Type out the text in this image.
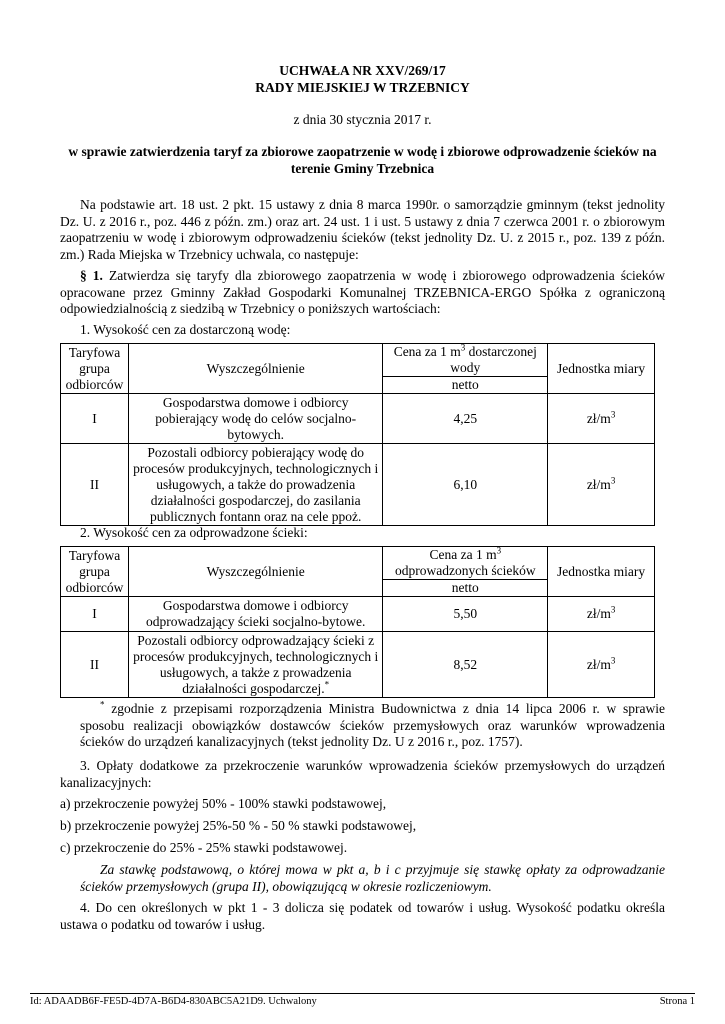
UCHWAŁA NR XXV/269/17
RADY MIEJSKIEJ W TRZEBNICY
z dnia 30 stycznia 2017 r.
w sprawie zatwierdzenia taryf za zbiorowe zaopatrzenie w wodę i zbiorowe odprowadzenie ścieków na
terenie Gminy Trzebnica
Na podstawie art. 18 ust. 2 pkt. 15 ustawy z dnia 8 marca 1990r. o samorządzie gminnym (tekst jednolity Dz. U. z 2016 r., poz. 446 z późn. zm.) oraz art. 24 ust. 1 i ust. 5 ustawy z dnia 7 czerwca 2001 r. o zbiorowym zaopatrzeniu w wodę i zbiorowym odprowadzeniu ścieków (tekst jednolity Dz. U. z 2015 r., poz. 139 z późn. zm.) Rada Miejska w Trzebnicy uchwala, co następuje:
§ 1. Zatwierdza się taryfy dla zbiorowego zaopatrzenia w wodę i zbiorowego odprowadzenia ścieków opracowane przez Gminny Zakład Gospodarki Komunalnej TRZEBNICA-ERGO Spółka z ograniczoną odpowiedzialnością z siedzibą w Trzebnicy o poniższych wartościach:
1. Wysokość cen za dostarczoną wodę:
Taryfowa grupa odbiorców	Wyszczególnienie	Cena za 1 $m^3$ dostarczonej wody	Jednostka miary
		netto	
I	Gospodarstwa domowe i odbiorcy pobierający wodę do celów socjalno-bytowych.	4,25	$zł/m^3$
II	Pozostali odbiorcy pobierający wodę do procesów produkcyjnych, technologicznych i usługowych, a także do prowadzenia działalności gospodarczej, do zasilania publicznych fontann oraz na cele ppoż.	6,10	$zł/m^3$
2. Wysokość cen za odprowadzone ścieki:
Taryfowa grupa odbiorców	Wyszczególnienie	Cena za 1 $m^3$ odprowadzonych ścieków	Jednostka miary
		netto	
I	Gospodarstwa domowe i odbiorcy odprowadzający ścieki socjalno-bytowe.	5,50	$zł/m^3$
II	Pozostali odbiorcy odprowadzający ścieki z procesów produkcyjnych, technologicznych i usługowych, a także z prowadzenia działalności gospodarczej.*	8,52	$zł/m^3$
* zgodnie z przepisami rozporządzenia Ministra Budownictwa z dnia 14 lipca 2006 r. w sprawie sposobu realizacji obowiązków dostawców ścieków przemysłowych oraz warunków wprowadzenia ścieków do urządzeń kanalizacyjnych (tekst jednolity Dz. U z 2016 r., poz. 1757).
3. Opłaty dodatkowe za przekroczenie warunków wprowadzenia ścieków przemysłowych do urządzeń kanalizacyjnych:
a) przekroczenie powyżej 50% - 100% stawki podstawowej,
b) przekroczenie powyżej 25%-50 % - 50 % stawki podstawowej,
c) przekroczenie do 25% - 25% stawki podstawowej.
Za stawkę podstawową, o której mowa w pkt a, b i c przyjmuje się stawkę opłaty za odprowadzanie ścieków przemysłowych (grupa II), obowiązującą w okresie rozliczeniowym.
4. Do cen określonych w pkt 1 - 3 dolicza się podatek od towarów i usług. Wysokość podatku określa ustawa o podatku od towarów i usług.
Id: ADAADB6F-FE5D-4D7A-B6D4-830ABC5A21D9. Uchwalony	Strona 1
